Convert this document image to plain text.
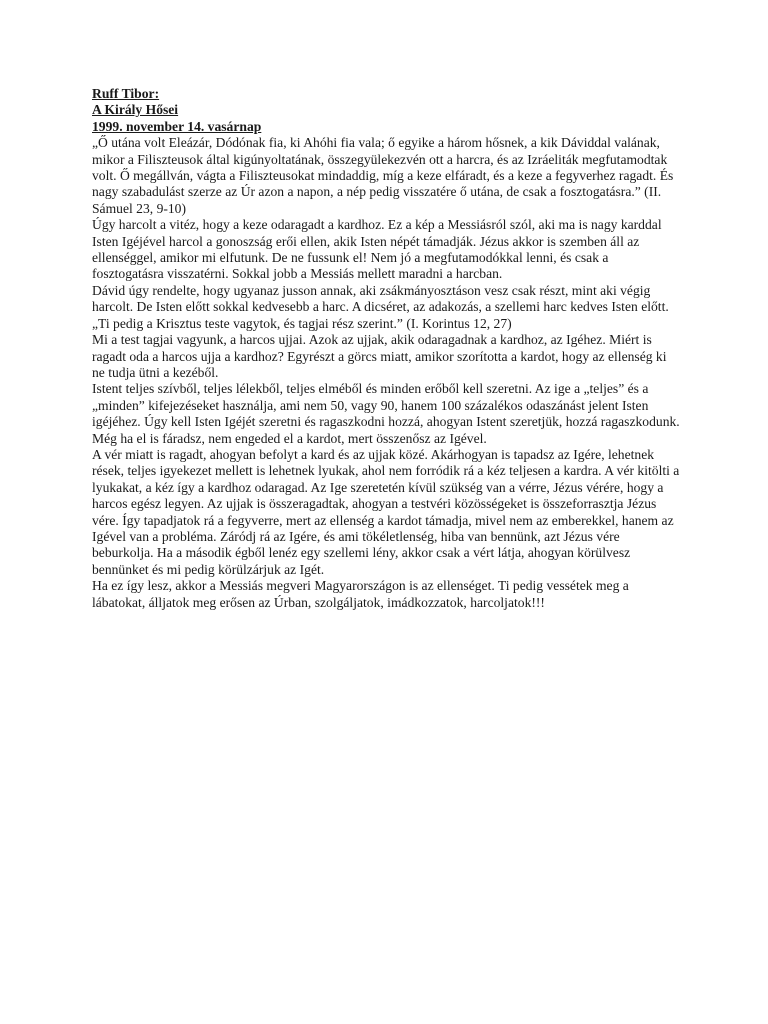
Ruff Tibor:
A Király Hősei
1999. november 14. vasárnap

„Ő utána volt Eleázár, Dódónak fia, ki Ahóhi fia vala; ő egyike a három hősnek, a kik Dáviddal valának, mikor a Filiszteusok által kigúnyoltatának, összegyülekezvén ott a harcra, és az Izráeliták megfutamodtak volt. Ő megállván, vágta a Filiszteusokat mindaddig, míg a keze elfáradt, és a keze a fegyverhez ragadt. És nagy szabadulást szerze az Úr azon a napon, a nép pedig visszatére ő utána, de csak a fosztogatásra.” (II. Sámuel 23, 9-10)

Úgy harcolt a vitéz, hogy a keze odaragadt a kardhoz. Ez a kép a Messiásról szól, aki ma is nagy karddal Isten Igéjével harcol a gonoszság erői ellen, akik Isten népét támadják. Jézus akkor is szemben áll az ellenséggel, amikor mi elfutunk. De ne fussunk el! Nem jó a megfutamodókkal lenni, és csak a fosztogatásra visszatérni. Sokkal jobb a Messiás mellett maradni a harcban.

Dávid úgy rendelte, hogy ugyanaz jusson annak, aki zsákmányosztáson vesz csak részt, mint aki végig harcolt. De Isten előtt sokkal kedvesebb a harc. A dicséret, az adakozás, a szellemi harc kedves Isten előtt.

„Ti pedig a Krisztus teste vagytok, és tagjai rész szerint.” (I. Korintus 12, 27)

Mi a test tagjai vagyunk, a harcos ujjai. Azok az ujjak, akik odaragadnak a kardhoz, az Igéhez. Miért is ragadt oda a harcos ujja a kardhoz? Egyrészt a görcs miatt, amikor szorította a kardot, hogy az ellenség ki ne tudja ütni a kezéből.

Istent teljes szívből, teljes lélekből, teljes elméből és minden erőből kell szeretni. Az ige a „teljes” és a „minden” kifejezéseket használja, ami nem 50, vagy 90, hanem 100 százalékos odaszánást jelent Isten igéjéhez. Úgy kell Isten Igéjét szeretni és ragaszkodni hozzá, ahogyan Istent szeretjük, hozzá ragaszkodunk. Még ha el is fáradsz, nem engeded el a kardot, mert összenősz az Igével.

A vér miatt is ragadt, ahogyan befolyt a kard és az ujjak közé. Akárhogyan is tapadsz az Igére, lehetnek rések, teljes igyekezet mellett is lehetnek lyukak, ahol nem forródik rá a kéz teljesen a kardra. A vér kitölti a lyukakat, a kéz így a kardhoz odaragad. Az Ige szeretetén kívül szükség van a vérre, Jézus vérére, hogy a harcos egész legyen. Az ujjak is összeragadtak, ahogyan a testvéri közösségeket is összeforrasztja Jézus vére. Így tapadjatok rá a fegyverre, mert az ellenség a kardot támadja, mivel nem az emberekkel, hanem az Igével van a probléma. Záródj rá az Igére, és ami tökéletlenség, hiba van bennünk, azt Jézus vére beburkolja. Ha a második égből lenéz egy szellemi lény, akkor csak a vért látja, ahogyan körülvesz bennünket és mi pedig körülzárjuk az Igét.

Ha ez így lesz, akkor a Messiás megveri Magyarországon is az ellenséget. Ti pedig vessétek meg a lábatokat, álljatok meg erősen az Úrban, szolgáljatok, imádkozzatok, harcoljatok!!!
